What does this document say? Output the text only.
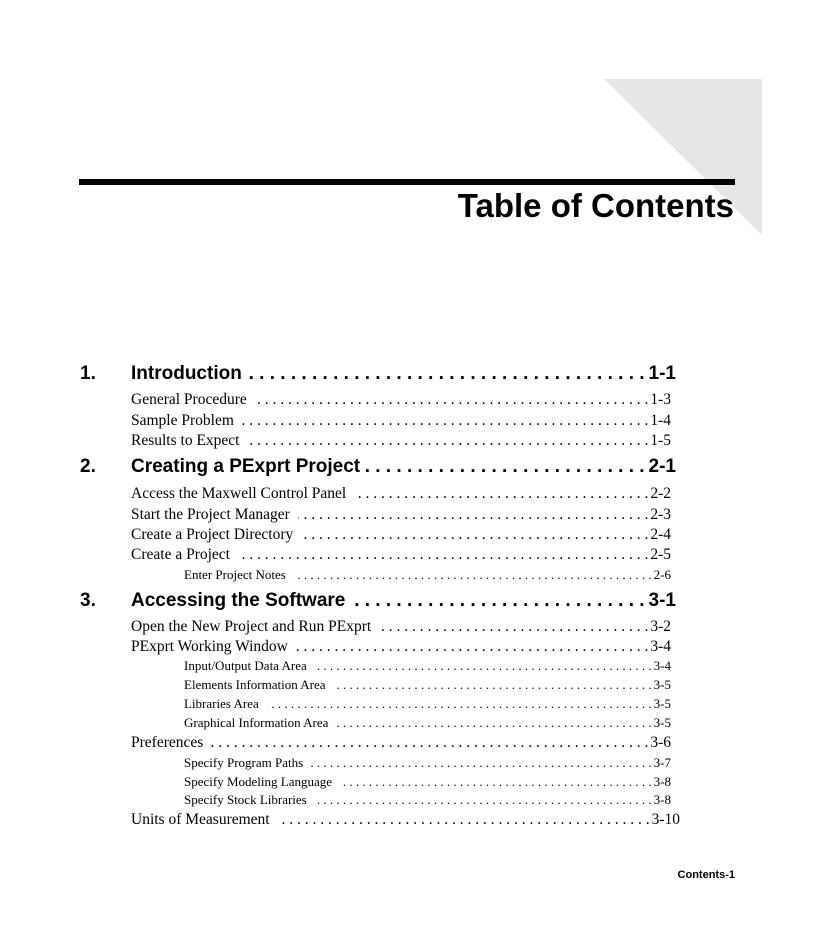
Table of Contents
1. Introduction . . .	1-1
General Procedure . . .	1-3
Sample Problem . . .	1-4
Results to Expect . . .	1-5
2. Creating a PExprt Project . . .	2-1
Access the Maxwell Control Panel . . .	2-2
Start the Project Manager . . .	2-3
Create a Project Directory . . .	2-4
Create a Project . . .	2-5
Enter Project Notes . . .	2-6
3. Accessing the Software . . .	3-1
Open the New Project and Run PExprt . . .	3-2
PExprt Working Window . . .	3-4
Input/Output Data Area . . .	3-4
Elements Information Area . . .	3-5
Libraries Area . . .	3-5
Graphical Information Area . . .	3-5
Preferences . . .	3-6
Specify Program Paths . . .	3-7
Specify Modeling Language . . .	3-8
Specify Stock Libraries . . .	3-8
Units of Measurement . . .	3-10
Contents-1
